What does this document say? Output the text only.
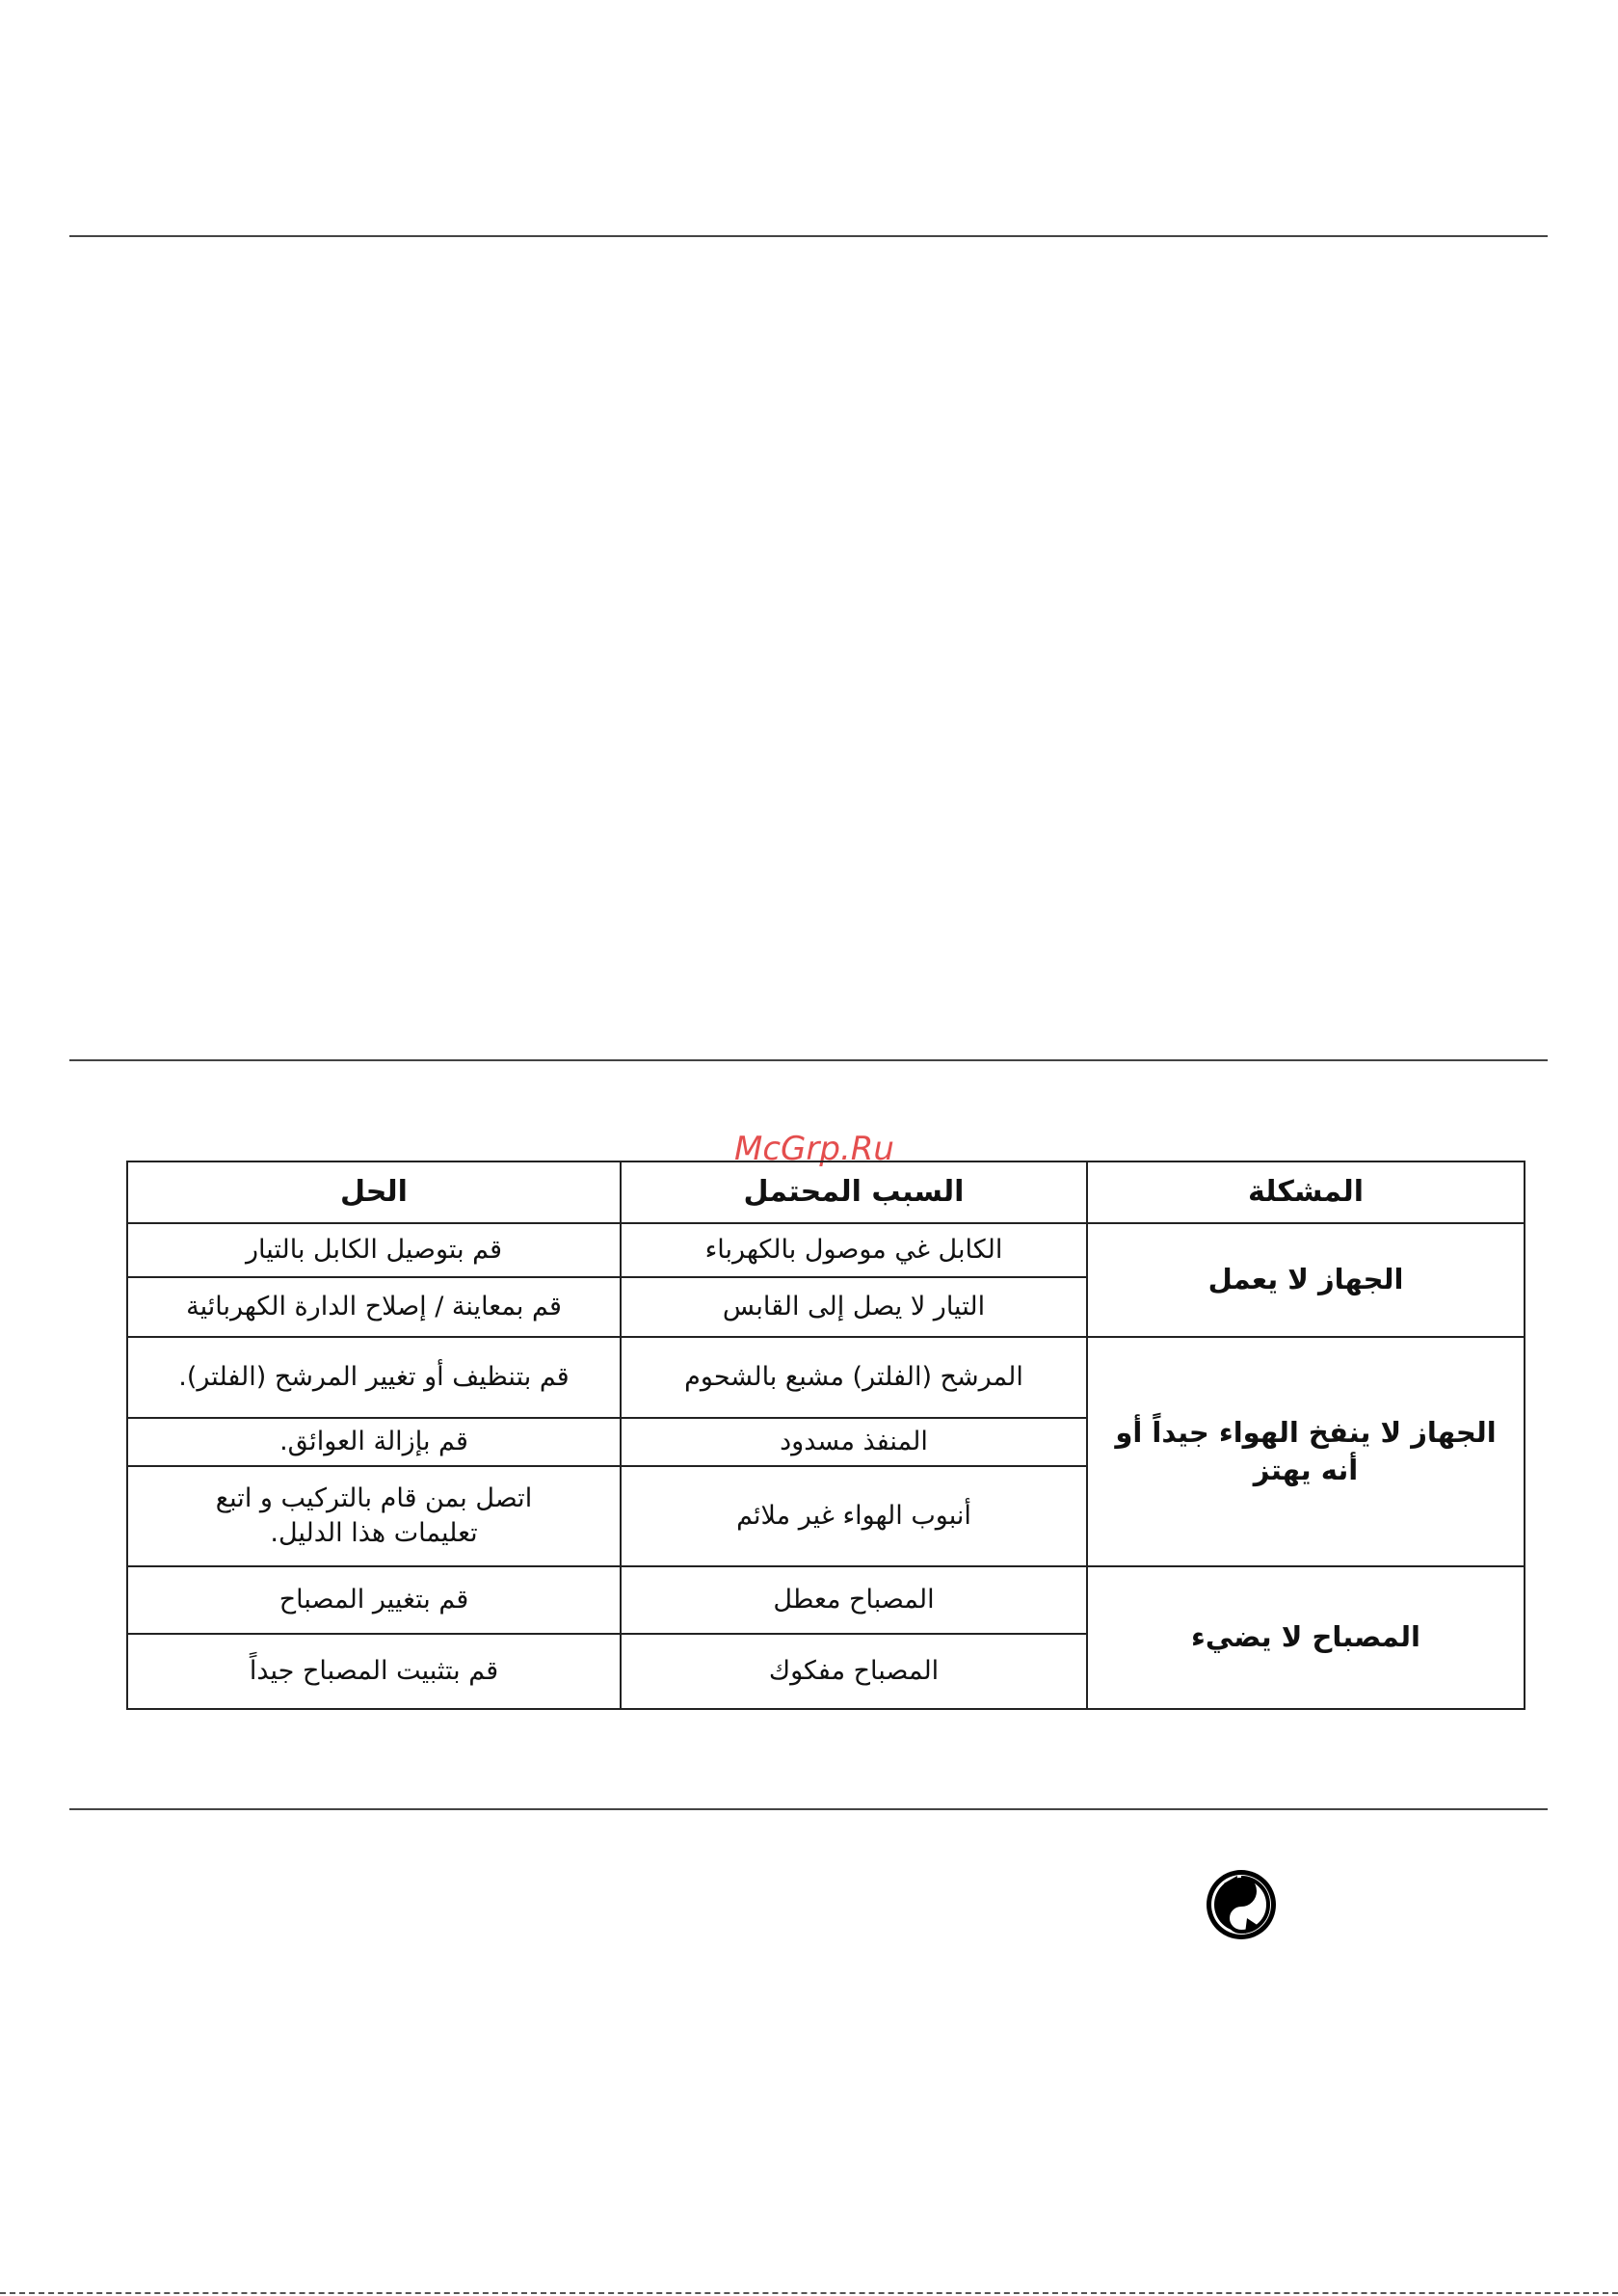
McGrp.Ru
المشكلة	السبب المحتمل	الحل
الجهاز لا يعمل	الكابل غي موصول بالكهرباء	قم بتوصيل الكابل بالتيار
	التيار لا يصل إلى القابس	قم بمعاينة / إصلاح الدارة الكهربائية
الجهاز لا ينفخ الهواء جيداً أو أنه يهتز	المرشح (الفلتر) مشبع بالشحوم	قم بتنظيف أو تغيير المرشح (الفلتر).
	المنفذ مسدود	قم بإزالة العوائق.
	أنبوب الهواء غير ملائم	اتصل بمن قام بالتركيب و اتبع تعليمات هذا الدليل.
المصباح لا يضيء	المصباح معطل	قم بتغيير المصباح
	المصباح مفكوك	قم بتثبيت المصباح جيداً
